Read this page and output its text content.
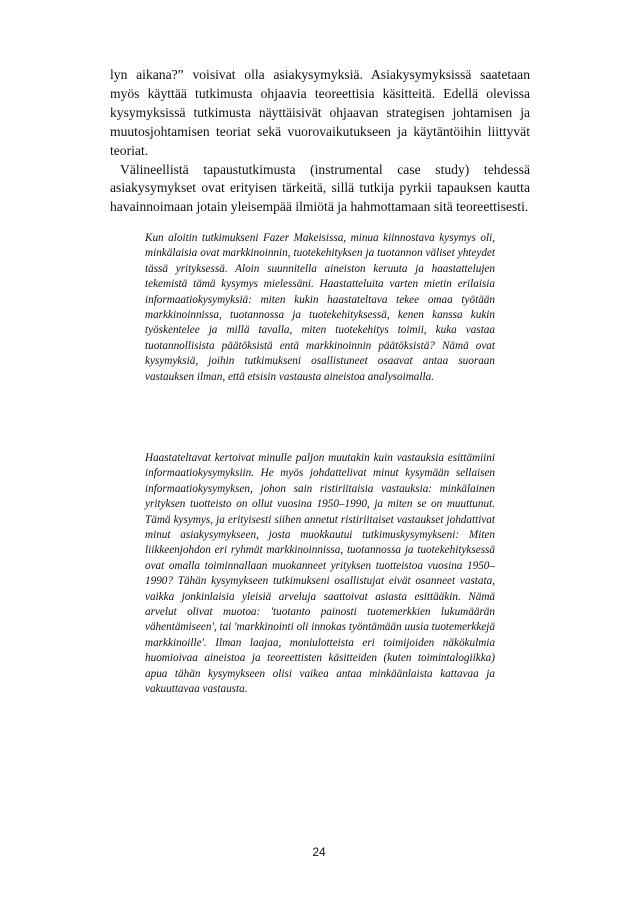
lyn aikana?” voisivat olla asiakysymyksiä. Asiakysymyksissä saatetaan myös käyttää tutkimusta ohjaavia teoreettisia käsitteitä. Edellä olevissa kysymyksissä tutkimusta näyttäisivät ohjaavan strategisen johtamisen ja muutosjohtamisen teoriat sekä vuorovaikutukseen ja käytäntöihin liittyvät teoriat.

Välineellistä tapaustutkimusta (instrumental case study) tehdessä asiakysymykset ovat erityisen tärkeitä, sillä tutkija pyrkii tapauksen kautta havainnoimaan jotain yleisempää ilmiötä ja hahmottamaan sitä teoreettisesti.

Kun aloitin tutkimukseni Fazer Makeisissa, minua kiinnostava kysymys oli, minkälaisia ovat markkinoinnin, tuotekehityksen ja tuotannon väliset yhteydet tässä yrityksessä. Aloin suunnitella aineiston keruuta ja haastattelujen tekemistä tämä kysymys mielessäni. Haastatteluita varten mietin erilaisia informaatiokysymyksiä: miten kukin haastateltava tekee omaa työtään markkinoinnissa, tuotannossa ja tuotekehityksessä, kenen kanssa kukin työskentelee ja millä tavalla, miten tuotekehitys toimii, kuka vastaa tuotannollisista päätöksistä entä markkinoinnin päätöksistä? Nämä ovat kysymyksiä, joihin tutkimukseni osallistuneet osaavat antaa suoraan vastauksen ilman, että etsisin vastausta aineistoa analysoimalla.

Haastateltavat kertoivat minulle paljon muutakin kuin vastauksia esittämiini informaatiokysymyksiin. He myös johdattelivat minut kysymään sellaisen informaatiokysymyksen, johon sain ristiriitaisia vastauksia: minkälainen yrityksen tuotteisto on ollut vuosina 1950–1990, ja miten se on muuttunut. Tämä kysymys, ja erityisesti siihen annetut ristiriitaiset vastaukset johdattivat minut asiakysymykseen, josta muokkautui tutkimuskysymykseni: Miten liikkeenjohdon eri ryhmät markkinoinnissa, tuotannossa ja tuotekehityksessä ovat omalla toiminnallaan muokanneet yrityksen tuotteistoa vuosina 1950–1990? Tähän kysymykseen tutkimukseni osallistujat eivät osanneet vastata, vaikka jonkinlaisia yleisiä arveluja saattoivat asiasta esittääkin. Nämä arvelut olivat muotoa: 'tuotanto painosti tuotemerkkien lukumäärän vähentämiseen', tai 'markkinointi oli innokas työntämään uusia tuotemerkkejä markkinoille'. Ilman laajaa, moniulotteista eri toimijoiden näkökulmia huomioivaa aineistoa ja teoreettisten käsitteiden (kuten toimintalogiikka) apua tähän kysymykseen olisi vaikea antaa minkäänlaista kattavaa ja vakuuttavaa vastausta.

24
